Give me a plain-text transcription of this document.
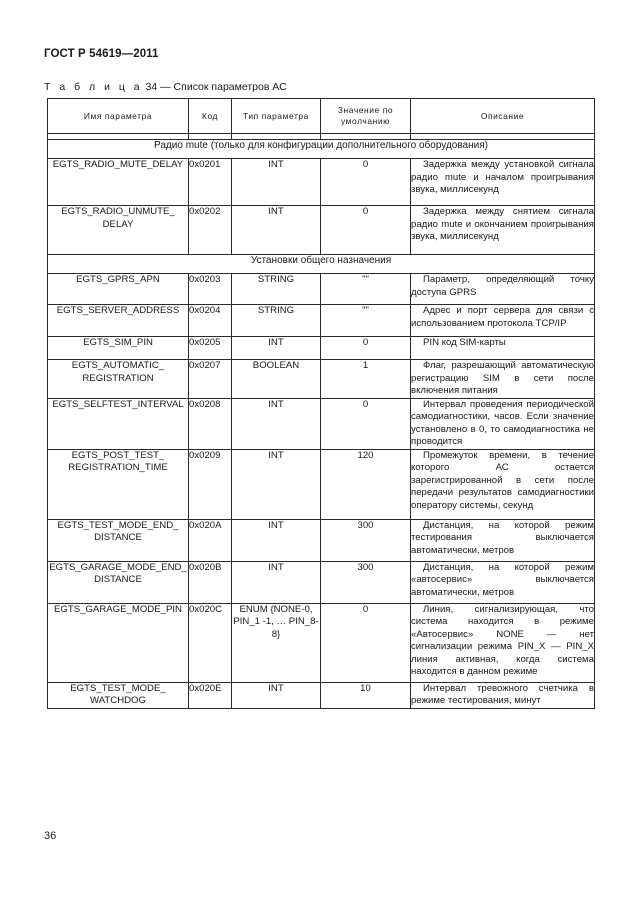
ГОСТ Р 54619—2011
Т а б л и ц а 34 — Список параметров АС
Имя параметра	Код	Тип параметра	Значение по умолчанию	Описание

Радио mute (только для конфигурации дополнительного оборудования)				
EGTS_RADIO_MUTE_DELAY	0x0201	INT	0	Задержка между установкой сигнала радио mute и началом проигрывания звука, миллисекунд
EGTS_RADIO_UNMUTE_ DELAY	0x0202	INT	0	Задержка между снятием сигнала радио mute и окончанием проигрывания звука, миллисекунд
Установки общего назначения				
EGTS_GPRS_APN	0x0203	STRING	""	Параметр, определяющий точку доступа GPRS
EGTS_SERVER_ADDRESS	0x0204	STRING	""	Адрес и порт сервера для связи с использованием протокола TCP/IP
EGTS_SIM_PIN	0x0205	INT	0	PIN код SIM-карты
EGTS_AUTOMATIC_ REGISTRATION	0x0207	BOOLEAN	1	Флаг, разрешающий автоматическую регистрацию SIM в сети после включения питания
EGTS_SELFTEST_INTERVAL	0x0208	INT	0	Интервал проведения периодической самодиагностики, часов. Если значение установлено в 0, то самодиагностика не проводится
EGTS_POST_TEST_ REGISTRATION_TIME	0x0209	INT	120	Промежуток времени, в течение которого АС остается зарегистрированной в сети после передачи результатов самодиагностики оператору системы, секунд
EGTS_TEST_MODE_END_ DISTANCE	0x020A	INT	300	Дистанция, на которой режим тестирования выключается автоматически, метров
EGTS_GARAGE_MODE_END_ DISTANCE	0x020B	INT	300	Дистанция, на которой режим «автосервис» выключается автоматически, метров
EGTS_GARAGE_MODE_PIN	0x020C	ENUM {NONE-0, PIN_1 -1, … PIN_8-8}	0	Линия, сигнализирующая, что система находится в режиме «Автосервис» NONE — нет сигнализации режима PIN_X — PIN_X линия активная, когда система находится в данном режиме
EGTS_TEST_MODE_ WATCHDOG	0x020E	INT	10	Интервал тревожного счетчика в режиме тестирования, минут
36
